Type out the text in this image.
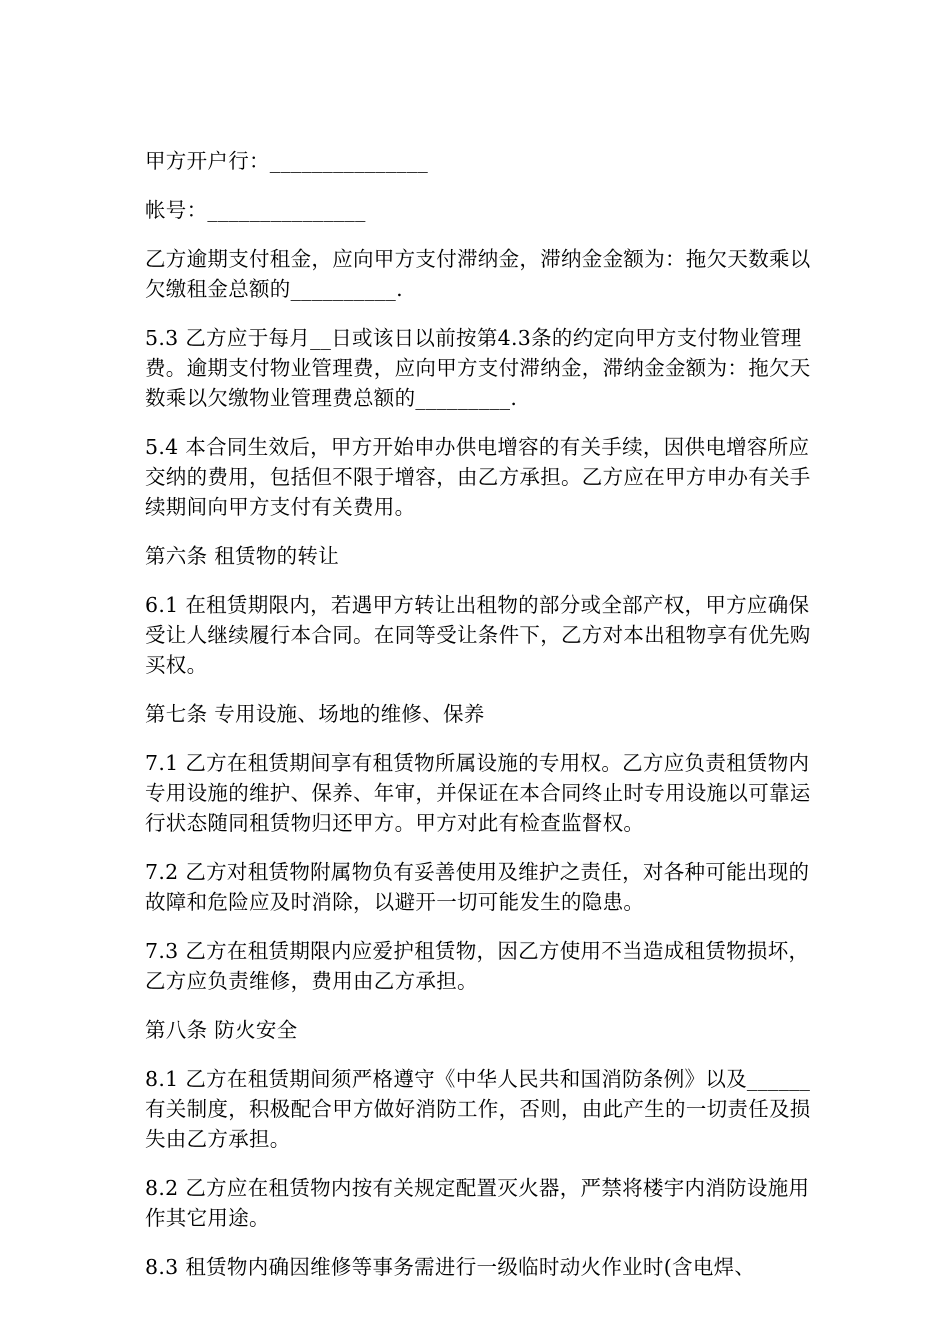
甲方开户行：_______________

帐号：_______________

乙方逾期支付租金，应向甲方支付滞纳金，滞纳金金额为：拖欠天数乘以欠缴租金总额的__________.

5.3 乙方应于每月__日或该日以前按第4.3条的约定向甲方支付物业管理费。逾期支付物业管理费，应向甲方支付滞纳金，滞纳金金额为：拖欠天数乘以欠缴物业管理费总额的_________.

5.4 本合同生效后，甲方开始申办供电增容的有关手续，因供电增容所应交纳的费用，包括但不限于增容，由乙方承担。乙方应在甲方申办有关手续期间向甲方支付有关费用。

第六条 租赁物的转让

6.1 在租赁期限内，若遇甲方转让出租物的部分或全部产权，甲方应确保受让人继续履行本合同。在同等受让条件下，乙方对本出租物享有优先购买权。

第七条 专用设施、场地的维修、保养

7.1 乙方在租赁期间享有租赁物所属设施的专用权。乙方应负责租赁物内专用设施的维护、保养、年审，并保证在本合同终止时专用设施以可靠运行状态随同租赁物归还甲方。甲方对此有检查监督权。

7.2 乙方对租赁物附属物负有妥善使用及维护之责任，对各种可能出现的故障和危险应及时消除，以避开一切可能发生的隐患。

7.3 乙方在租赁期限内应爱护租赁物，因乙方使用不当造成租赁物损坏，乙方应负责维修，费用由乙方承担。

第八条 防火安全

8.1 乙方在租赁期间须严格遵守《中华人民共和国消防条例》以及______有关制度，积极配合甲方做好消防工作，否则，由此产生的一切责任及损失由乙方承担。

8.2 乙方应在租赁物内按有关规定配置灭火器，严禁将楼宇内消防设施用作其它用途。

8.3 租赁物内确因维修等事务需进行一级临时动火作业时(含电焊、
